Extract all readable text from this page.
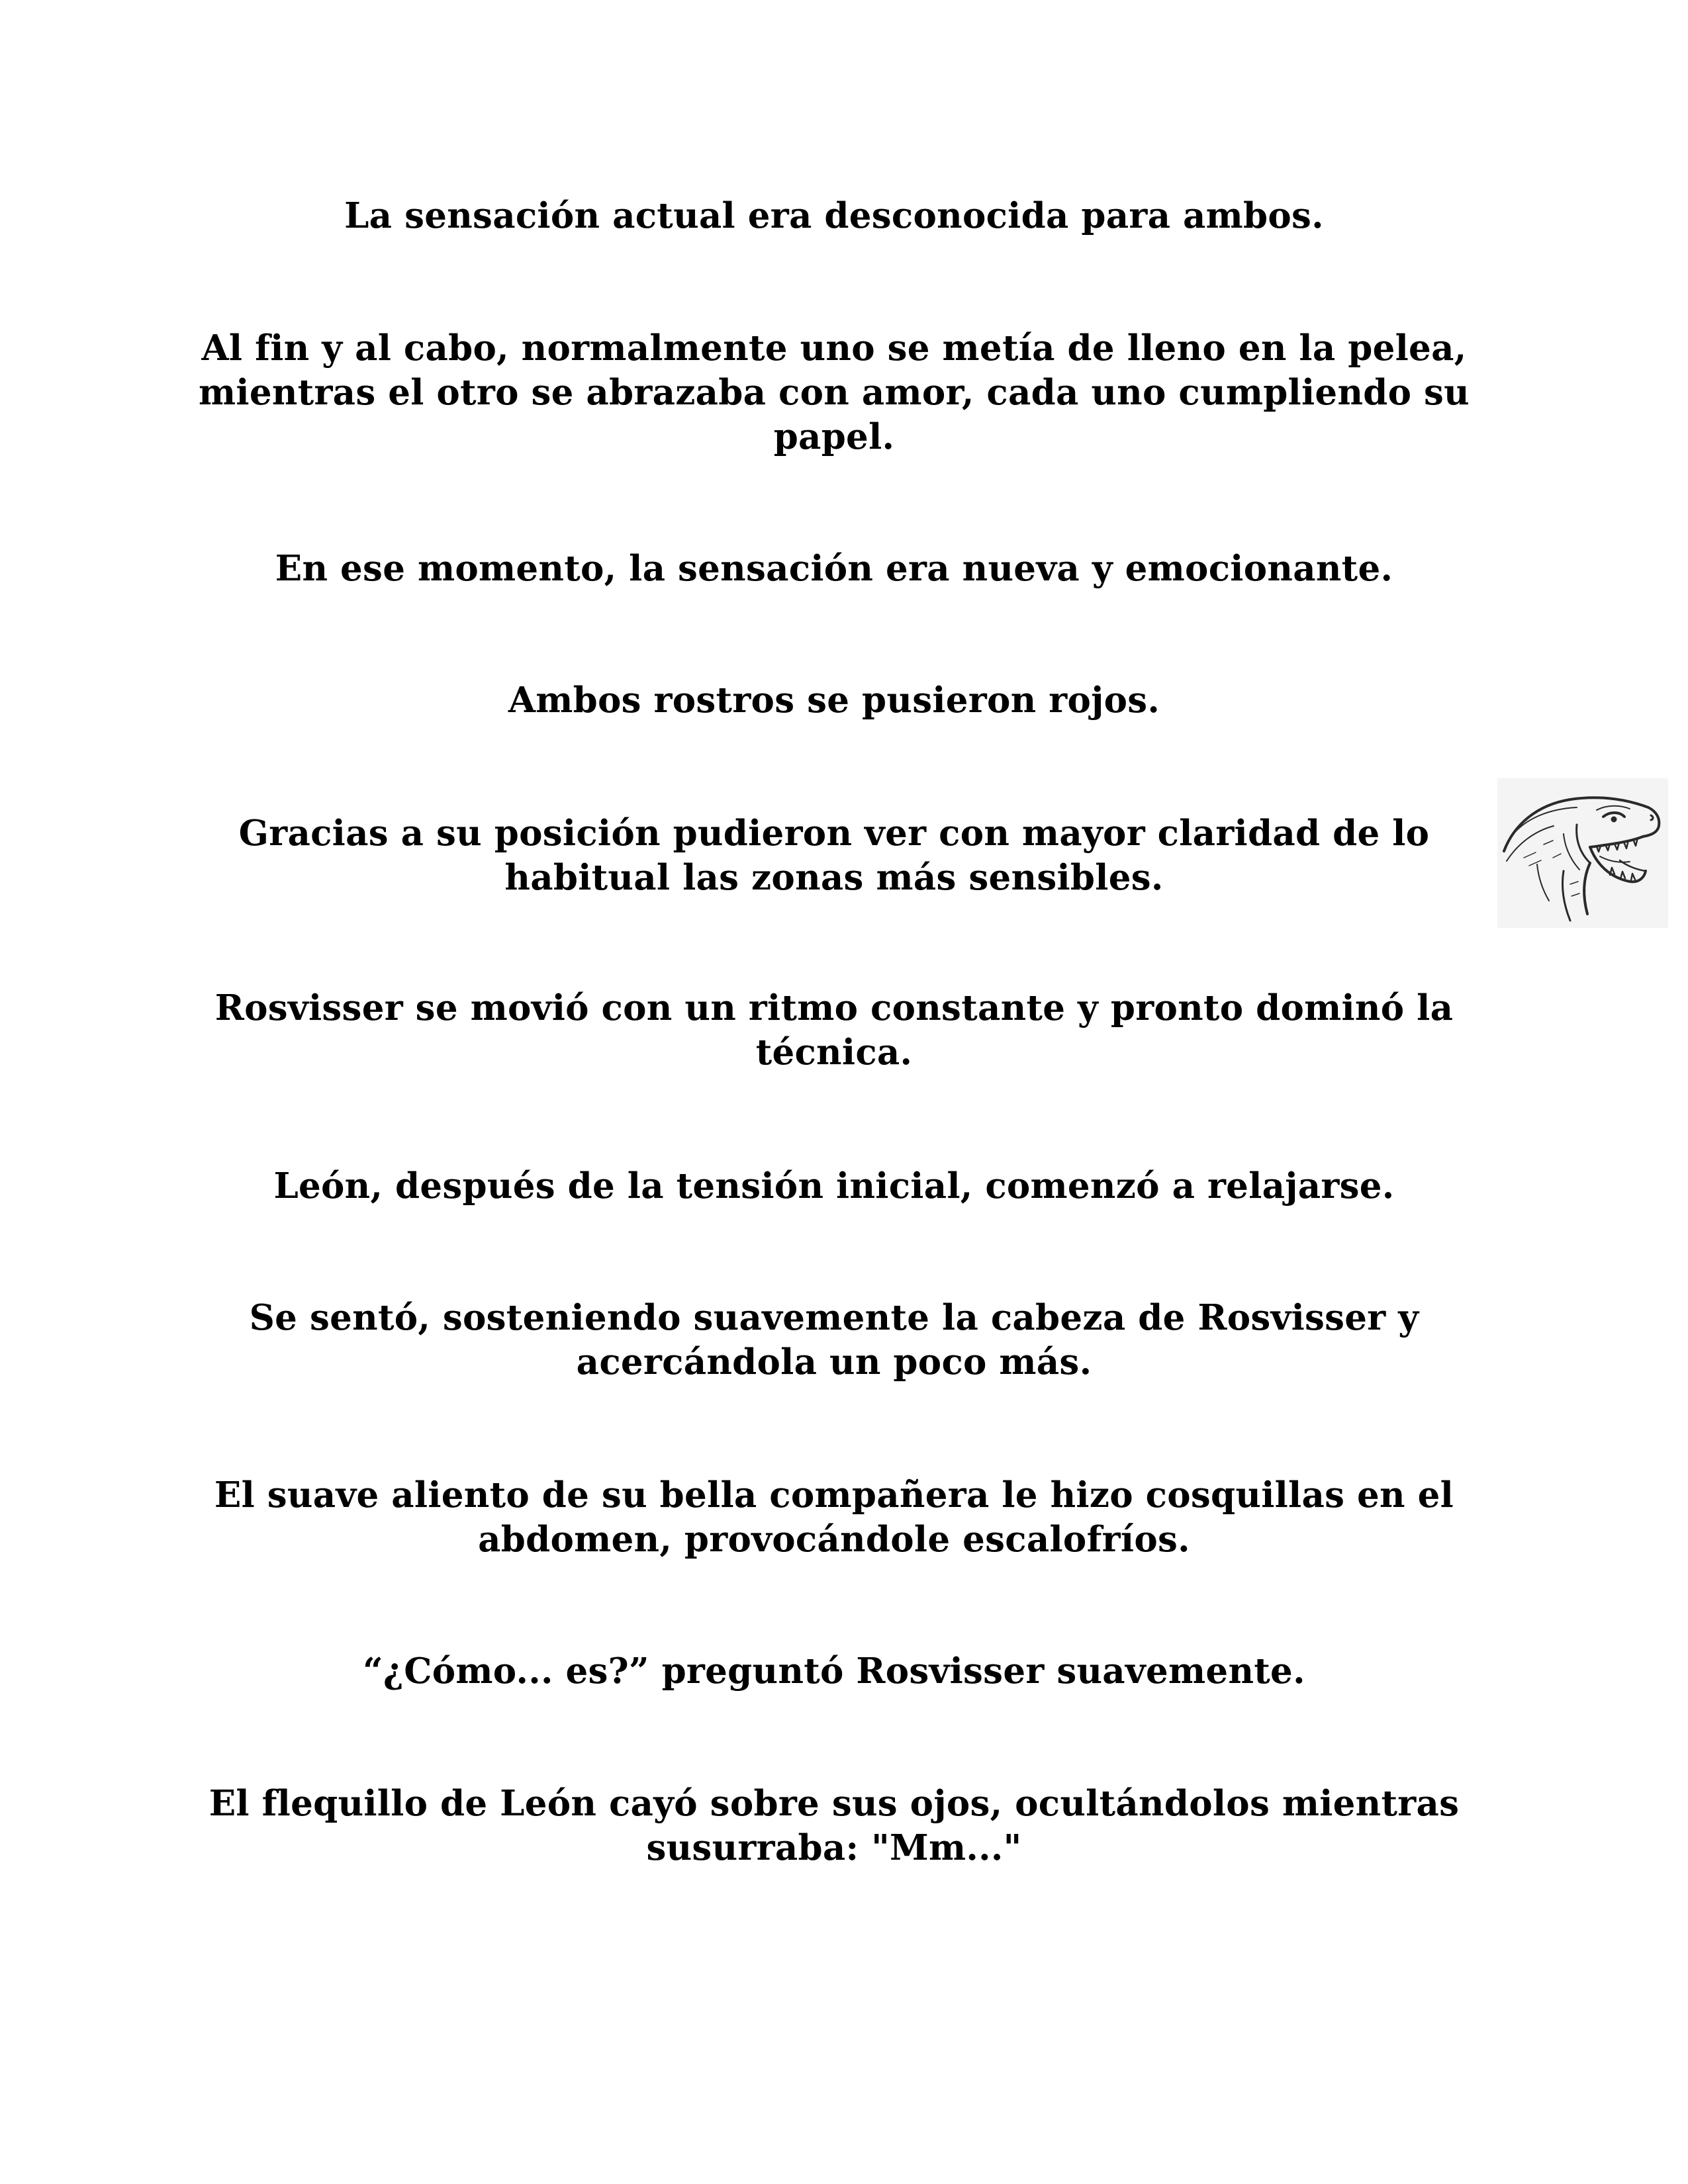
La sensación actual era desconocida para ambos.

Al fin y al cabo, normalmente uno se metía de lleno en la pelea, mientras el otro se abrazaba con amor, cada uno cumpliendo su papel.

En ese momento, la sensación era nueva y emocionante.

Ambos rostros se pusieron rojos.

Gracias a su posición pudieron ver con mayor claridad de lo habitual las zonas más sensibles.

Rosvisser se movió con un ritmo constante y pronto dominó la técnica.

León, después de la tensión inicial, comenzó a relajarse.

Se sentó, sosteniendo suavemente la cabeza de Rosvisser y acercándola un poco más.

El suave aliento de su bella compañera le hizo cosquillas en el abdomen, provocándole escalofríos.

“¿Cómo... es?” preguntó Rosvisser suavemente.

El flequillo de León cayó sobre sus ojos, ocultándolos mientras susurraba: "Mm..."
